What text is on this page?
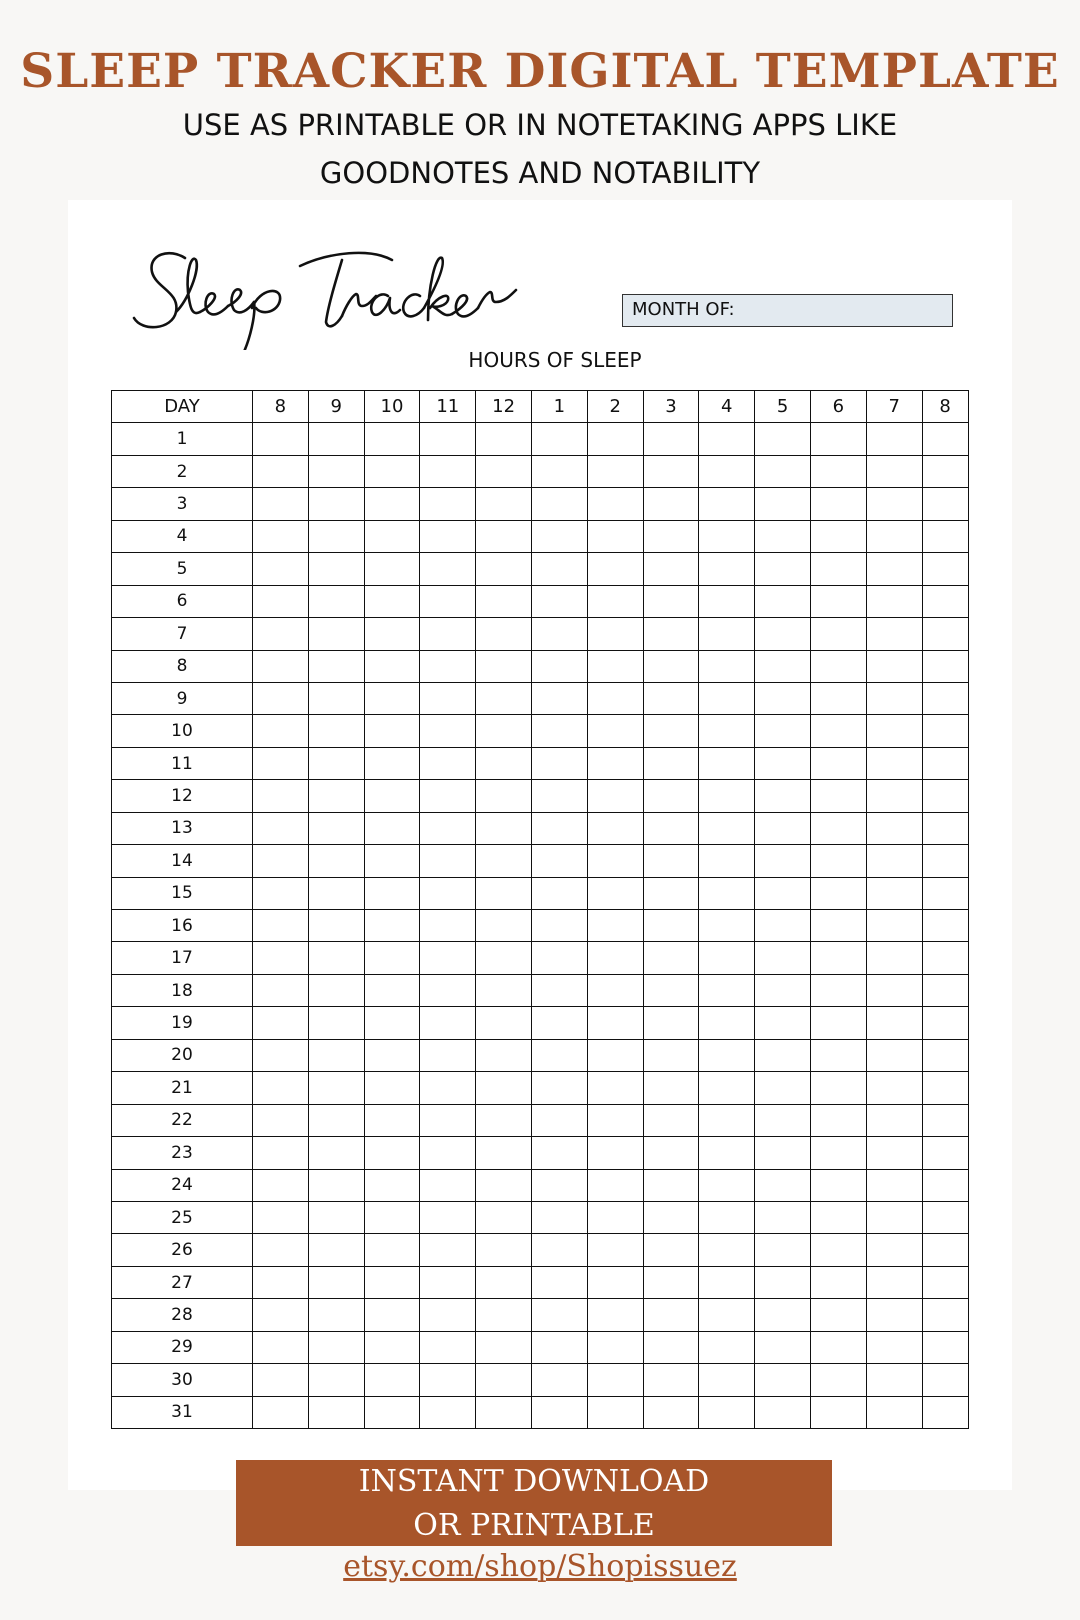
SLEEP TRACKER DIGITAL TEMPLATE
USE AS PRINTABLE OR IN NOTETAKING APPS LIKE
GOODNOTES AND NOTABILITY
MONTH OF:
HOURS OF SLEEP
DAY	8	9	10	11	12	1	2	3	4	5	6	7	8
1													
2													
3													
4													
5													
6													
7													
8													
9													
10													
11													
12													
13													
14													
15													
16													
17													
18													
19													
20													
21													
22													
23													
24													
25													
26													
27													
28													
29													
30													
31													
INSTANT DOWNLOAD
OR PRINTABLE
etsy.com/shop/Shopissuez
